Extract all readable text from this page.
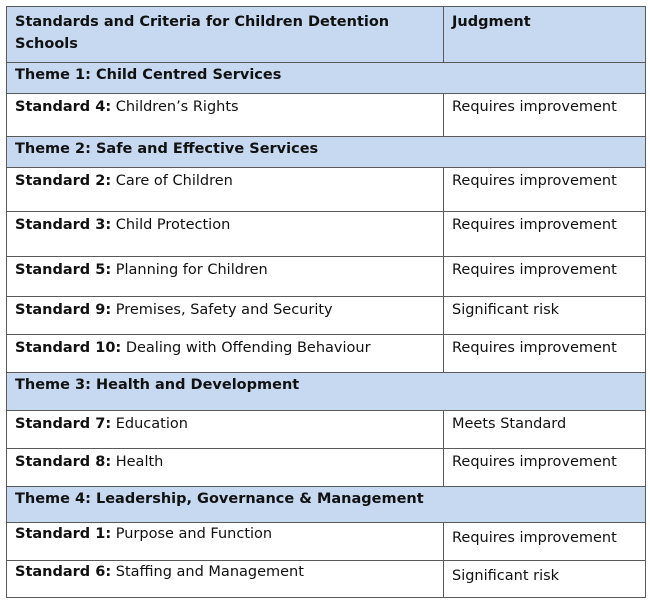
Standards and Criteria for Children Detention Schools	Judgment
Theme 1: Child Centred Services	
Standard 4: Children’s Rights	Requires improvement
Theme 2: Safe and Effective Services	
Standard 2: Care of Children	Requires improvement
Standard 3: Child Protection	Requires improvement
Standard 5: Planning for Children	Requires improvement
Standard 9: Premises, Safety and Security	Significant risk
Standard 10: Dealing with Offending Behaviour	Requires improvement
Theme 3: Health and Development	
Standard 7: Education	Meets Standard
Standard 8: Health	Requires improvement
Theme 4: Leadership, Governance & Management	
Standard 1: Purpose and Function	Requires improvement
Standard 6: Staffing and Management	Significant risk
